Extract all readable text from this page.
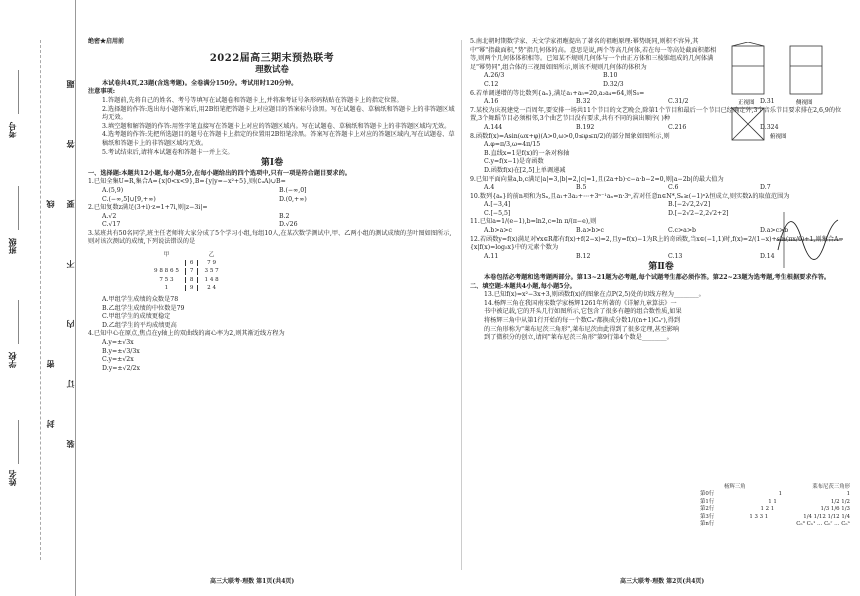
姓名
学校
班级
考号
题
答
要
不
内
订
装
线
密
封
绝密★启用前
2022届高三期末预热联考
理数试卷
本试卷共4页,23题(含选考题)。全卷满分150分。考试用时120分钟。
注意事项:
1.答题前,先将自己的姓名、考号等填写在试题卷和答题卡上,并将准考证号条形码粘贴在答题卡上的指定位置。
2.选择题的作答:选出每小题答案后,用2B铅笔把答题卡上对应题目的答案标号涂黑。写在试题卷、草稿纸和答题卡上的非答题区域均无效。
3.填空题和解答题的作答:用签字笔直接写在答题卡上对应的答题区域内。写在试题卷、草稿纸和答题卡上的非答题区域均无效。
4.选考题的作答:先把所选题目的题号在答题卡上指定的位置用2B铅笔涂黑。答案写在答题卡上对应的答题区域内,写在试题卷、草稿纸和答题卡上的非答题区域均无效。
5.考试结束后,请将本试题卷和答题卡一并上交。
第Ⅰ卷
一、选择题:本题共12小题,每小题5分,在每小题给出的四个选项中,只有一项是符合题目要求的。
1.已知全集U=R,集合A={x|0<x<9},B={y|y=−x²+5},则(∁ᵤA)∪B=
A.(5,9)	B.(−∞,0]
C.(−∞,5]∪[9,+∞)	D.(0,+∞)
2.已知复数z满足(3+i)·z=1+7i,则|z−3i|=
A.√2	B.2
C.√17	D.√26
3.某班共有50名同学,班主任老师将大家分成了5个学习小组,每组10人,在某次数学测试中,甲、乙两小组的测试成绩的茎叶图如图所示,则对该次测试的成绩,下列说法错误的是
甲		乙
	6	7 9
9 8 8 6 5	7	3 5 7
7 5 3	8	1 4 8
1	9	2 4
A.甲组学生成绩的众数是78
B.乙组学生成绩的中位数是79
C.甲组学生的成绩更稳定
D.乙组学生的平均成绩更高
4.已知中心在原点,焦点在y轴上的双曲线的离心率为2,则其渐近线方程为
A.y=±√3x
B.y=±√3/3x
C.y=±√2x
D.y=±√2/2x
高三大联考·理数 第1页(共4页)
5.南北朝时期数学家、天文学家祖暅提出了著名的祖暅原理:幂势既同,则积不容异,其中"幂"指截面积,"势"指几何体的高。意思是说,两个等高几何体,若在每一等高处截面积都相等,则两个几何体体积相等。已知某不规则几何体与一个由正方体和三棱锥组成的几何体满足"幂势同",组合体的三视图如图所示,则该不规则几何体的体积为
A.26/3	B.10
C.12	D.32/3
6.若单调递增的等比数列{aₙ},满足a₁+a₅=20,a₂a₄=64,则S₅=
A.16	B.32	C.31/2	D.31
7.某校为庆祝建党一百周年,要安排一场共11个节目的文艺晚会,除第1个节目和最后一个节目已经确定外,3个音乐节目要求排在2,6,9的位置,3个舞蹈节目必须相邻,3个曲艺节目没有要求,共有不同的演出顺序( )种
A.144	B.192	C.216	D.324
8.函数f(x)=Asin(ωx+φ)(A>0,ω>0,0≤φ≤π/2)的部分图象如图所示,则
A.φ=π/3,ω=4π/15
B.直线x=1是f(x)的一条对称轴
C.y=f(x−1)是奇函数
D.函数f(x)在[2,5]上单调递减
9.已知平面向量a,b,c满足|a|=3,|b|=2,|c|=1,且(2a+b)·c−a·b−2=0,则|a−2b|的最大值为
A.4	B.5	C.6	D.7
10.数列{aₙ}的前n项和为Sₙ,且a₁+3a₂+⋯+3ⁿ⁻¹aₙ=n·3ⁿ,若对任意n∈N*,Sₙ≥(−1)ⁿλ恒成立,则实数λ的取值范围为
A.[−3,4]	B.[−2√2,2√2]
C.[−5,5]	D.[−2√2−2,2√2+2]
11.已知a=1/(e−1),b=ln2,c=ln π/(π−e),则
A.b>a>c	B.a>b>c	C.c>a>b	D.a>c>b
12.若函数y=f(x)满足对∀x∈R都有f(x)+f(2−x)=2,且y=f(x)−1为R上的奇函数,当x∈(−1,1)时,f(x)=2/(1−x)+sin(πx/6)+1,则集合A={x|f(x)=log₅x}中的元素个数为
A.11	B.12	C.13	D.14
第Ⅱ卷
本卷包括必考题和选考题两部分。第13~21题为必考题,每个试题考生都必须作答。第22~23题为选考题,考生根据要求作答。
二、填空题:本题共4小题,每小题5分。
13.已知f(x)=x²−3x+3,则函数f(x)的图象在点P(2,5)处的切线方程为________。
14.杨辉三角在我国南宋数学家杨辉1261年所著的《详解九章算法》一书中被记载,它的开头几行如图所示,它包含了很多有趣的组合数性质,如果将杨辉三角中从第1行开始的每一个数Cₙʳ都换成分数1/((n+1)Cₙʳ),得到的三角形称为"莱布尼茨三角形",莱布尼茨由此得到了很多定理,甚至影响到了微积分的创立,请问"莱布尼茨三角形"第9行第4个数是________。
高三大联考·理数 第2页(共4页)
正视图	侧视图
俯视图
杨辉三角	莱布尼茨三角形
第0行	1	1
第1行	1 1	1/2 1/2
第2行	1 2 1	1/3 1/6 1/3
第3行	1 3 3 1	1/4 1/12 1/12 1/4
第n行	Cₙ⁰ Cₙ¹ … Cₙʳ … Cₙⁿ
